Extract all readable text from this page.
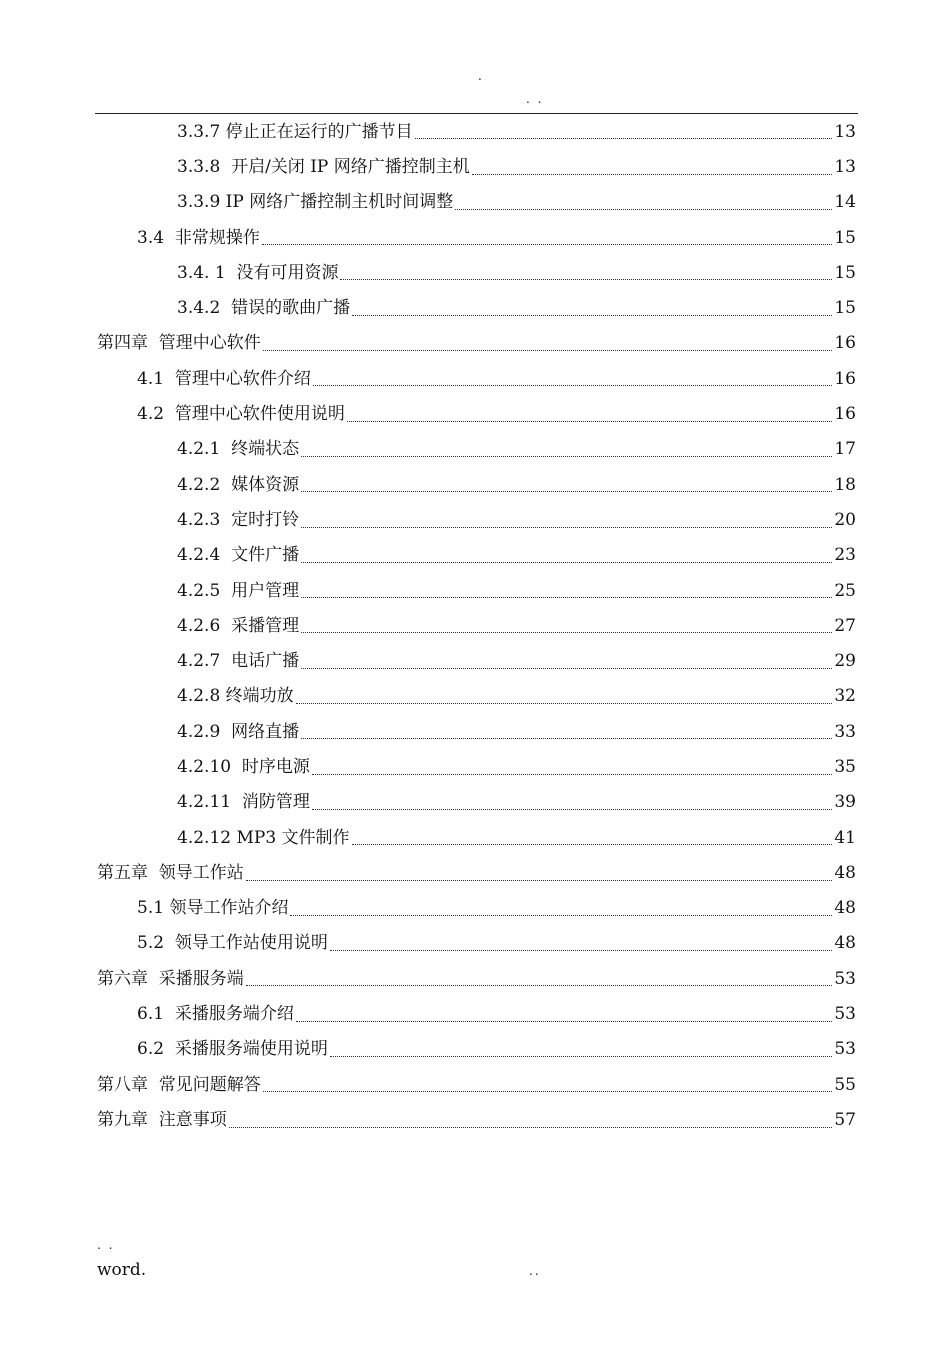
.
. .
3.3.7 停止正在运行的广播节目	13
3.3.8  开启/关闭 IP 网络广播控制主机	13
3.3.9 IP 网络广播控制主机时间调整	14
3.4  非常规操作	15
3.4. 1  没有可用资源	15
3.4.2  错误的歌曲广播	15
第四章  管理中心软件	16
4.1  管理中心软件介绍	16
4.2  管理中心软件使用说明	16
4.2.1  终端状态	17
4.2.2  媒体资源	18
4.2.3  定时打铃	20
4.2.4  文件广播	23
4.2.5  用户管理	25
4.2.6  采播管理	27
4.2.7  电话广播	29
4.2.8 终端功放	32
4.2.9  网络直播	33
4.2.10  时序电源	35
4.2.11  消防管理	39
4.2.12 MP3 文件制作	41
第五章  领导工作站	48
5.1 领导工作站介绍	48
5.2  领导工作站使用说明	48
第六章  采播服务端	53
6.1  采播服务端介绍	53
6.2  采播服务端使用说明	53
第八章  常见问题解答	55
第九章  注意事项	57
. .
word.	..
